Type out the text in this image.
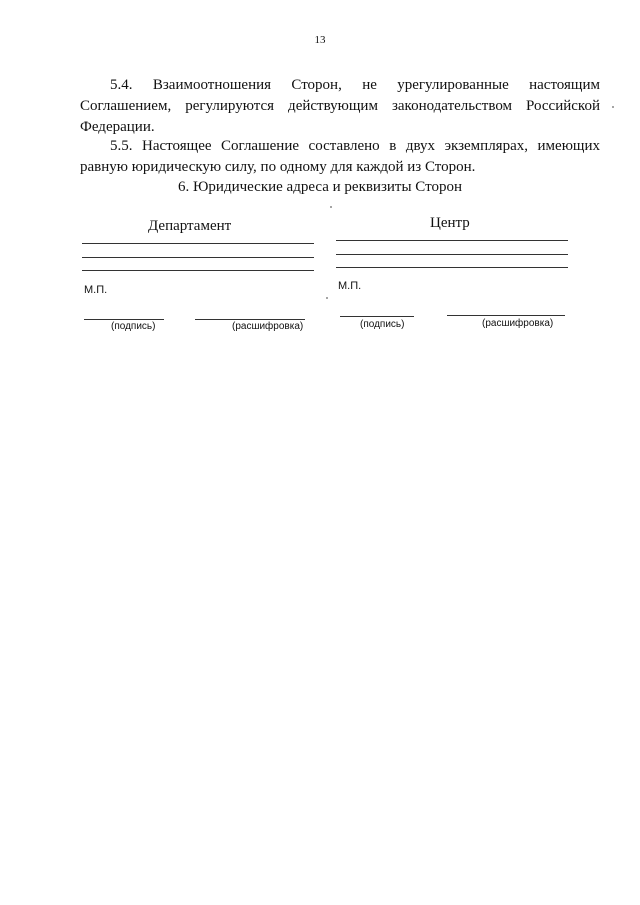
13

5.4. Взаимоотношения Сторон, не урегулированные настоящим Соглашением, регулируются действующим законодательством Российской Федерации.

5.5. Настоящее Соглашение составлено в двух экземплярах, имеющих равную юридическую силу, по одному для каждой из Сторон.

6. Юридические адреса и реквизиты Сторон
Департамент	Центр
М.П.	М.П.
(подпись)	(расшифровка)	(подпись)	(расшифровка)
